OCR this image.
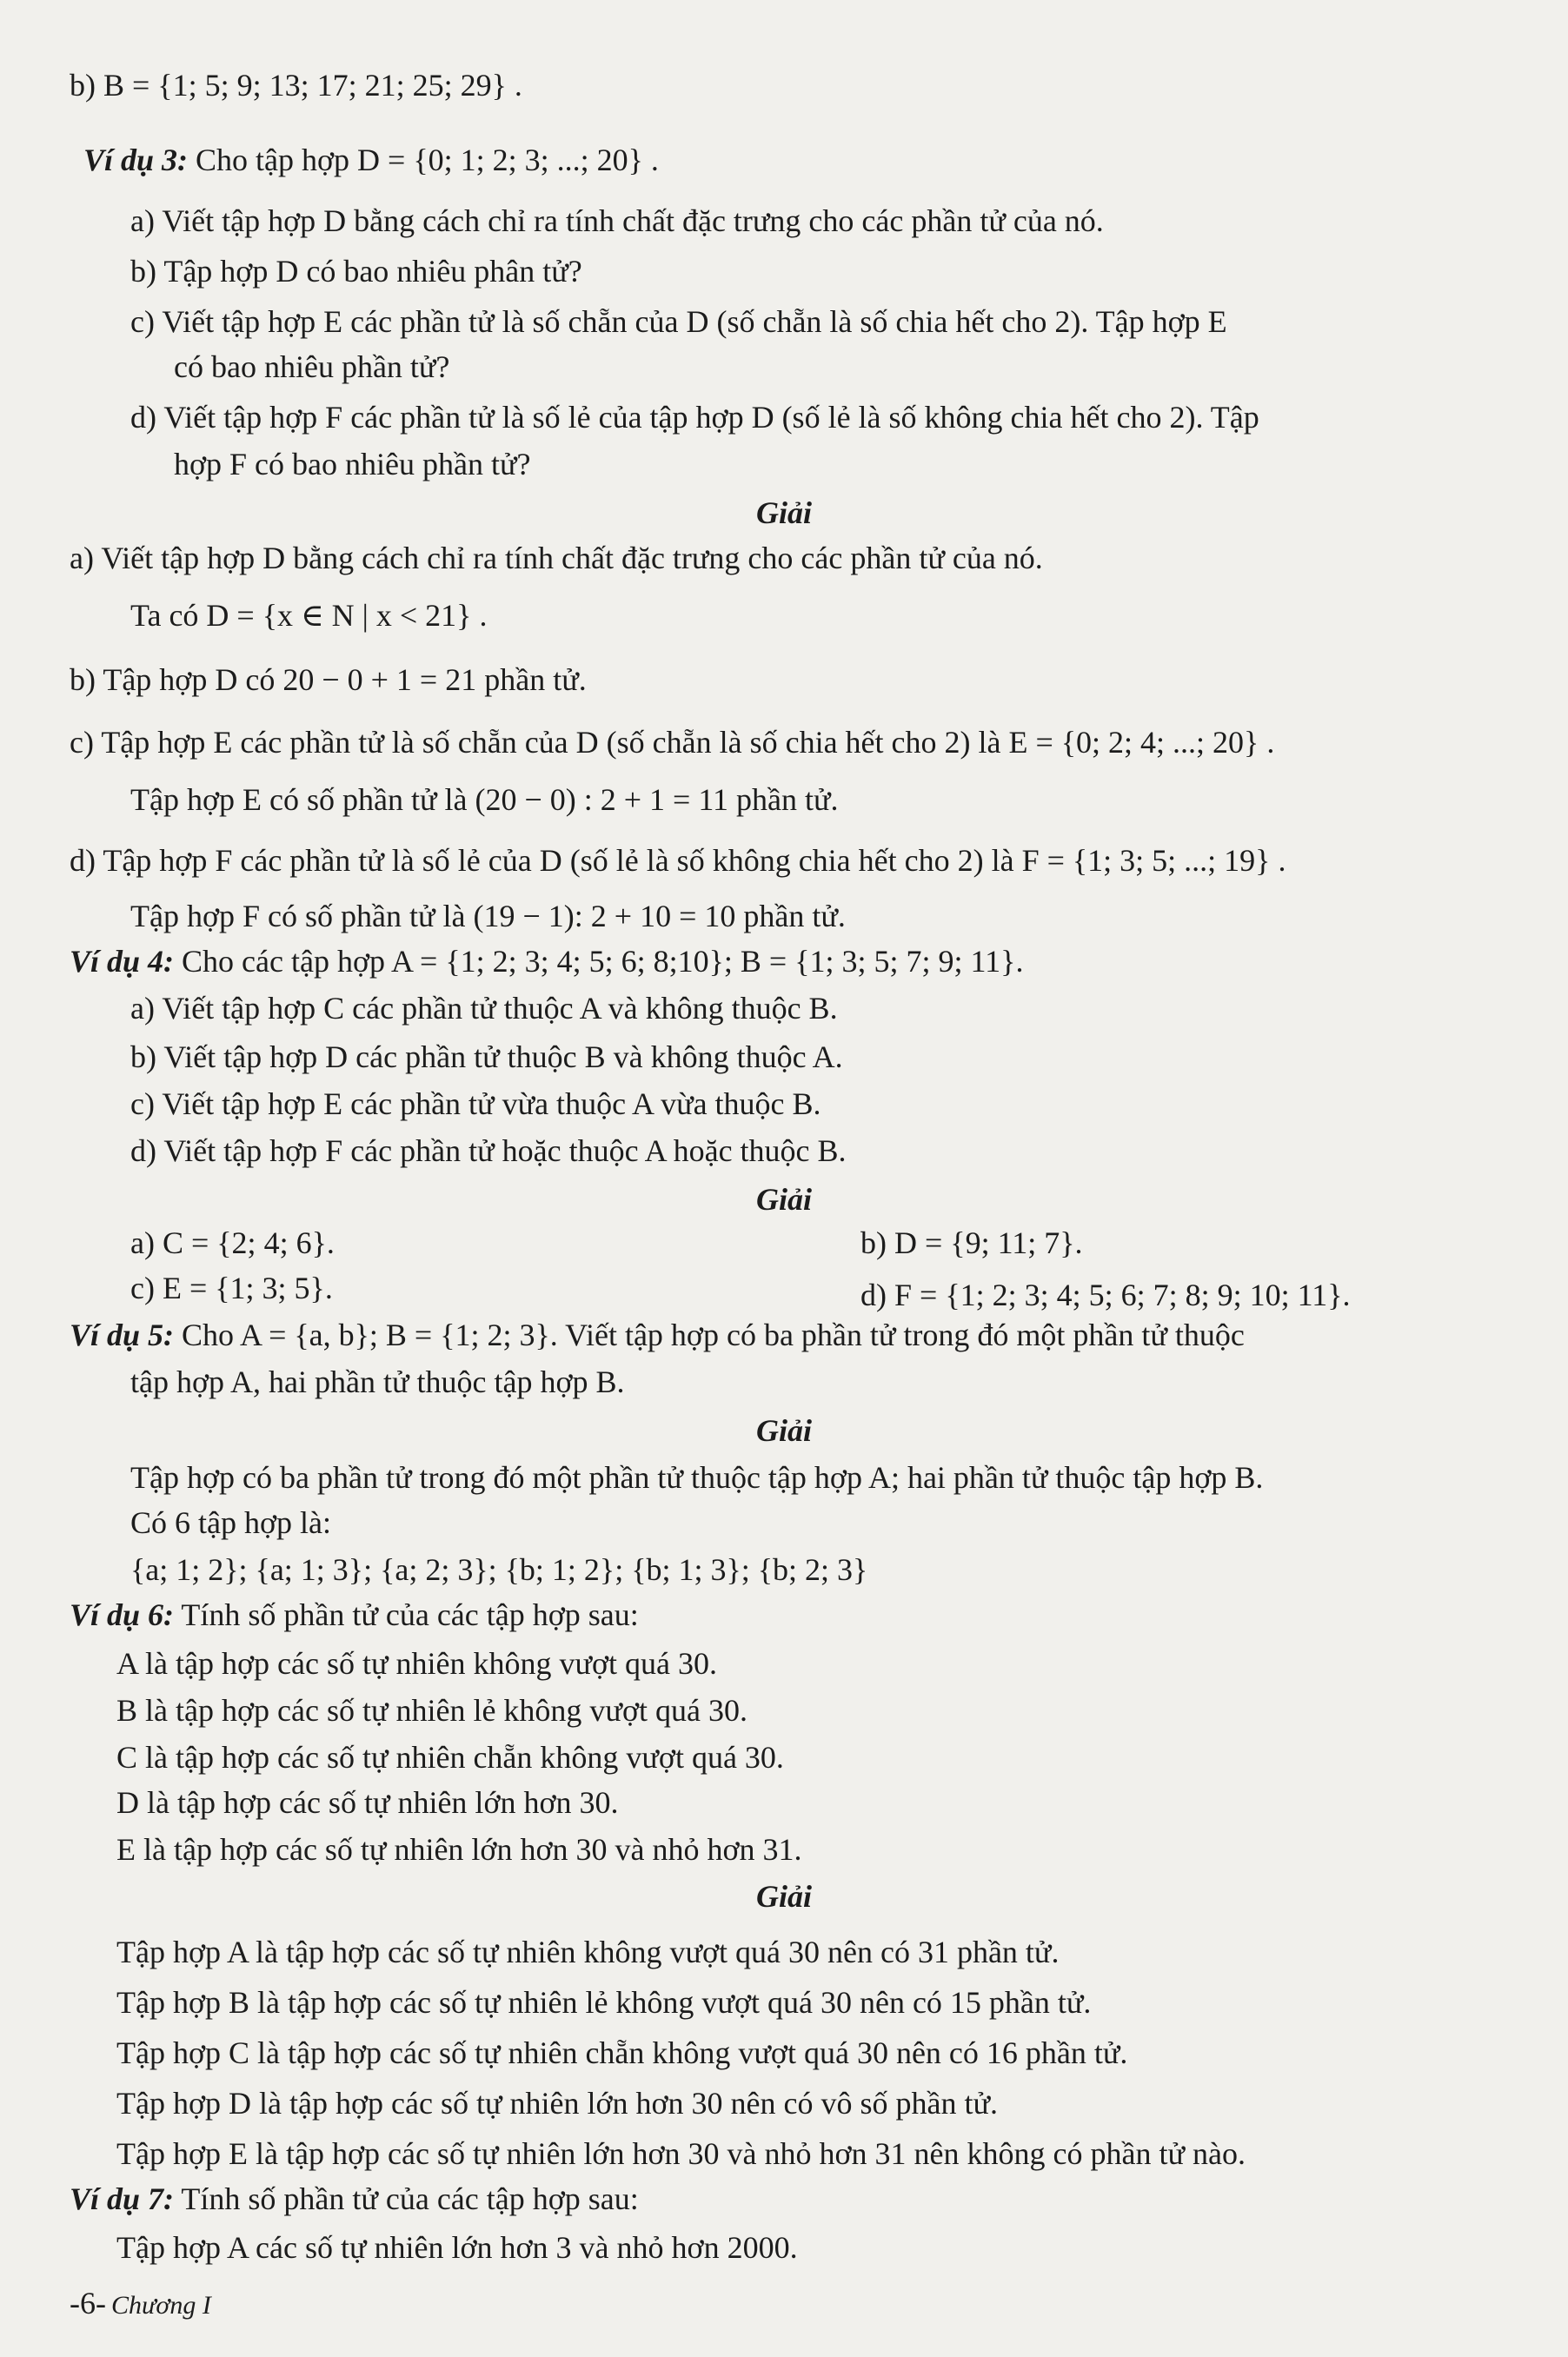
b) B = {1; 5; 9; 13; 17; 21; 25; 29} .
Ví dụ 3: Cho tập hợp D = {0; 1; 2; 3; ...; 20} .
a) Viết tập hợp D bằng cách chỉ ra tính chất đặc trưng cho các phần tử của nó.
b) Tập hợp D có bao nhiêu phân tử?
c) Viết tập hợp E các phần tử là số chẵn của D (số chẵn là số chia hết cho 2). Tập hợp E
có bao nhiêu phần tử?
d) Viết tập hợp F các phần tử là số lẻ của tập hợp D (số lẻ là số không chia hết cho 2). Tập
hợp F có bao nhiêu phần tử?
Giải
a) Viết tập hợp D bằng cách chỉ ra tính chất đặc trưng cho các phần tử của nó.
Ta có D = {x ∈ N | x < 21} .
b) Tập hợp D có 20 − 0 + 1 = 21 phần tử.
c) Tập hợp E các phần tử là số chẵn của D (số chẵn là số chia hết cho 2) là E = {0; 2; 4; ...; 20} .
Tập hợp E có số phần tử là (20 − 0) : 2 + 1 = 11 phần tử.
d) Tập hợp F các phần tử là số lẻ của D (số lẻ là số không chia hết cho 2) là F = {1; 3; 5; ...; 19} .
Tập hợp F có số phần tử là (19 − 1): 2 + 10 = 10 phần tử.
Ví dụ 4: Cho các tập hợp A = {1; 2; 3; 4; 5; 6; 8;10}; B = {1; 3; 5; 7; 9; 11}.
a) Viết tập hợp C các phần tử thuộc A và không thuộc B.
b) Viết tập hợp D các phần tử thuộc B và không thuộc A.
c) Viết tập hợp E các phần tử vừa thuộc A vừa thuộc B.
d) Viết tập hợp F các phần tử hoặc thuộc A hoặc thuộc B.
Giải
a) C = {2; 4; 6}.	b) D = {9; 11; 7}.
c) E = {1; 3; 5}.	d) F = {1; 2; 3; 4; 5; 6; 7; 8; 9; 10; 11}.
Ví dụ 5: Cho A = {a, b}; B = {1; 2; 3}. Viết tập hợp có ba phần tử trong đó một phần tử thuộc
tập hợp A, hai phần tử thuộc tập hợp B.
Giải
Tập hợp có ba phần tử trong đó một phần tử thuộc tập hợp A; hai phần tử thuộc tập hợp B.
Có 6 tập hợp là:
{a; 1; 2}; {a; 1; 3}; {a; 2; 3}; {b; 1; 2}; {b; 1; 3}; {b; 2; 3}
Ví dụ 6: Tính số phần tử của các tập hợp sau:
A là tập hợp các số tự nhiên không vượt quá 30.
B là tập hợp các số tự nhiên lẻ không vượt quá 30.
C là tập hợp các số tự nhiên chẵn không vượt quá 30.
D là tập hợp các số tự nhiên lớn hơn 30.
E là tập hợp các số tự nhiên lớn hơn 30 và nhỏ hơn 31.
Giải
Tập hợp A là tập hợp các số tự nhiên không vượt quá 30 nên có 31 phần tử.
Tập hợp B là tập hợp các số tự nhiên lẻ không vượt quá 30 nên có 15 phần tử.
Tập hợp C là tập hợp các số tự nhiên chẵn không vượt quá 30 nên có 16 phần tử.
Tập hợp D là tập hợp các số tự nhiên lớn hơn 30 nên có vô số phần tử.
Tập hợp E là tập hợp các số tự nhiên lớn hơn 30 và nhỏ hơn 31 nên không có phần tử nào.
Ví dụ 7: Tính số phần tử của các tập hợp sau:
Tập hợp A các số tự nhiên lớn hơn 3 và nhỏ hơn 2000.
-6- Chương I
